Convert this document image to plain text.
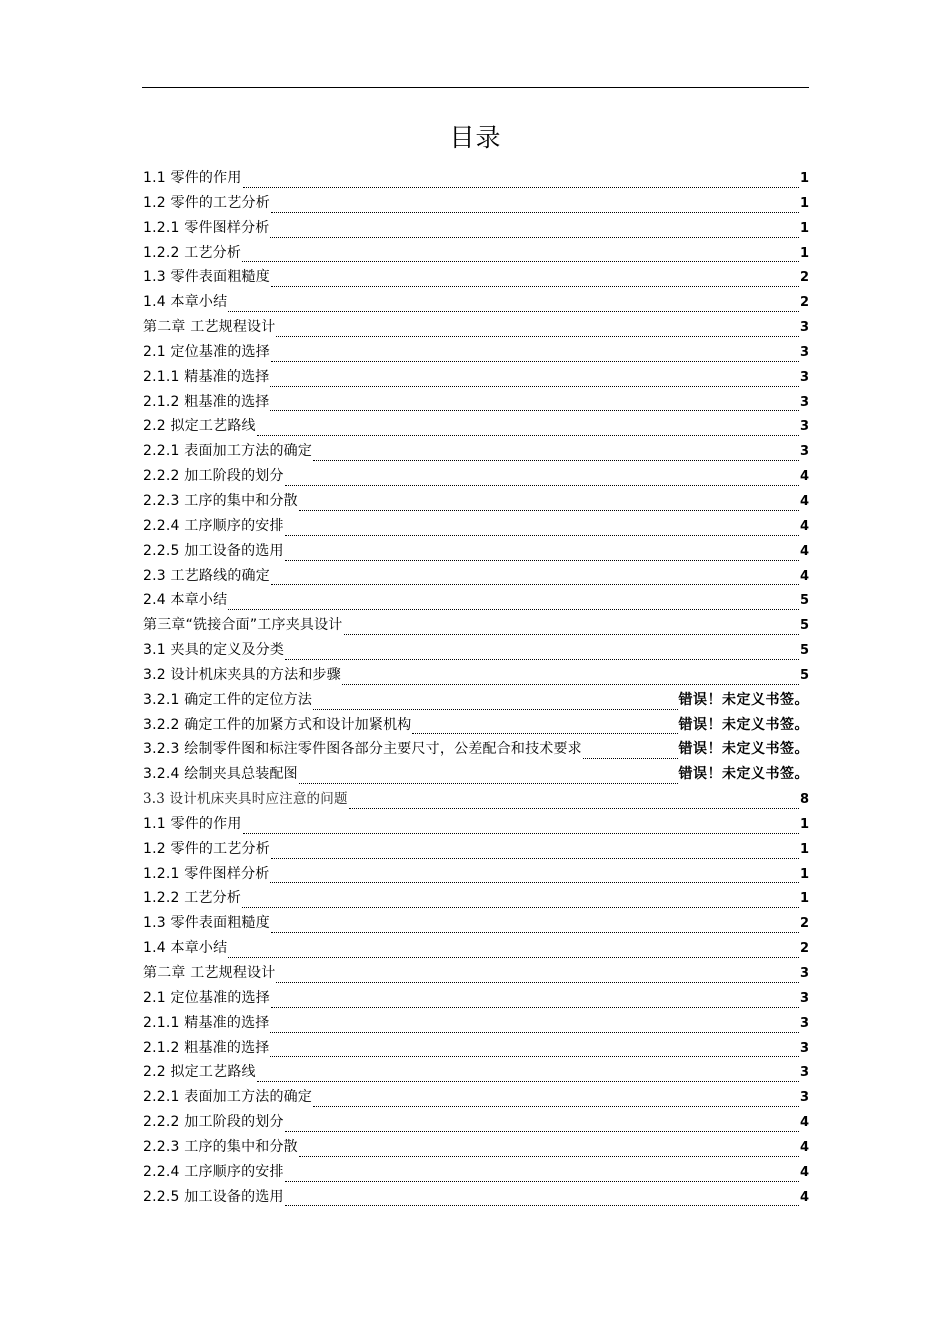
目录
1.1 零件的作用	1
1.2 零件的工艺分析	1
1.2.1 零件图样分析	1
1.2.2 工艺分析	1
1.3 零件表面粗糙度	2
1.4 本章小结	2
第二章 工艺规程设计	3
2.1 定位基准的选择	3
2.1.1 精基准的选择	3
2.1.2 粗基准的选择	3
2.2 拟定工艺路线	3
2.2.1 表面加工方法的确定	3
2.2.2 加工阶段的划分	4
2.2.3 工序的集中和分散	4
2.2.4 工序顺序的安排	4
2.2.5 加工设备的选用	4
2.3 工艺路线的确定	4
2.4 本章小结	5
第三章“铣接合面”工序夹具设计	5
3.1 夹具的定义及分类	5
3.2 设计机床夹具的方法和步骤	5
3.2.1 确定工件的定位方法	错误！未定义书签。
3.2.2 确定工件的加紧方式和设计加紧机构	错误！未定义书签。
3.2.3 绘制零件图和标注零件图各部分主要尺寸，公差配合和技术要求	错误！未定义书签。
3.2.4 绘制夹具总装配图	错误！未定义书签。
3.3 设计机床夹具时应注意的问题	8
1.1 零件的作用	1
1.2 零件的工艺分析	1
1.2.1 零件图样分析	1
1.2.2 工艺分析	1
1.3 零件表面粗糙度	2
1.4 本章小结	2
第二章 工艺规程设计	3
2.1 定位基准的选择	3
2.1.1 精基准的选择	3
2.1.2 粗基准的选择	3
2.2 拟定工艺路线	3
2.2.1 表面加工方法的确定	3
2.2.2 加工阶段的划分	4
2.2.3 工序的集中和分散	4
2.2.4 工序顺序的安排	4
2.2.5 加工设备的选用	4
